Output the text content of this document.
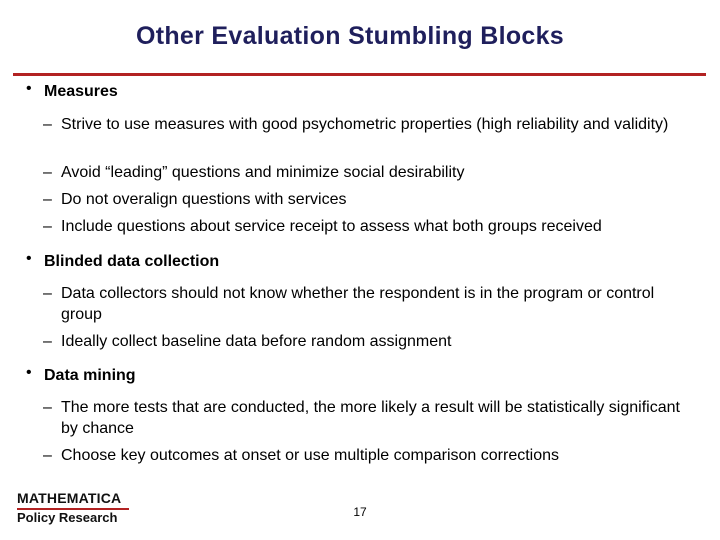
Other Evaluation Stumbling Blocks
• Measures
– Strive to use measures with good psychometric properties (high reliability and validity)
– Avoid “leading” questions and minimize social desirability
– Do not overalign questions with services
– Include questions about service receipt to assess what both groups received
• Blinded data collection
– Data collectors should not know whether the respondent is in the program or control group
– Ideally collect baseline data before random assignment
• Data mining
– The more tests that are conducted, the more likely a result will be statistically significant by chance
– Choose key outcomes at onset or use multiple comparison corrections
MATHEMATICA
Policy Research	17
